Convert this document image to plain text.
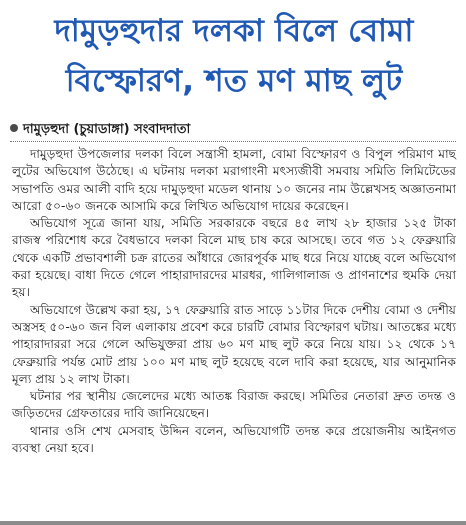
দামুড়হুদার দলকা বিলে বোমা
বিস্ফোরণ, শত মণ মাছ লুট
দামুড়হুদা (চুয়াডাঙ্গা) সংবাদদাতা

দামুড়হুদা উপজেলার দলকা বিলে সন্ত্রাসী হামলা, বোমা বিস্ফোরণ ও বিপুল পরিমাণ মাছ লুটের অভিযোগ উঠেছে। এ ঘটনায় দলকা মরাগাংনী মৎস্যজীবী সমবায় সমিতি লিমিটেডের সভাপতি ওমর আলী বাদি হয়ে দামুড়হুদা মডেল থানায় ১০ জনের নাম উল্লেখসহ অজ্ঞাতনামা আরো ৫০-৬০ জনকে আসামি করে লিখিত অভিযোগ দায়ের করেছেন।

অভিযোগ সূত্রে জানা যায়, সমিতি সরকারকে বছরে ৪৫ লাখ ২৮ হাজার ১২৫ টাকা রাজস্ব পরিশোধ করে বৈধভাবে দলকা বিলে মাছ চাষ করে আসছে। তবে গত ১২ ফেব্রুয়ারি থেকে একটি প্রভাবশালী চক্র রাতের আঁধারে জোরপূর্বক মাছ ধরে নিয়ে যাচ্ছে বলে অভিযোগ করা হয়েছে। বাধা দিতে গেলে পাহারাদারদের মারধর, গালিগালাজ ও প্রাণনাশের হুমকি দেয়া হয়।

অভিযোগে উল্লেখ করা হয়, ১৭ ফেব্রুয়ারি রাত সাড়ে ১১টার দিকে দেশীয় বোমা ও দেশীয় অস্ত্রসহ ৫০-৬০ জন বিল এলাকায় প্রবেশ করে চারটি বোমার বিস্ফোরণ ঘটায়। আতঙ্কের মধ্যে পাহারাদাররা সরে গেলে অভিযুক্তরা প্রায় ৬০ মণ মাছ লুট করে নিয়ে যায়। ১২ থেকে ১৭ ফেব্রুয়ারি পর্যন্ত মোট প্রায় ১০০ মণ মাছ লুট হয়েছে বলে দাবি করা হয়েছে, যার আনুমানিক মূল্য প্রায় ১২ লাখ টাকা।

ঘটনার পর স্থানীয় জেলেদের মধ্যে আতঙ্ক বিরাজ করছে। সমিতির নেতারা দ্রুত তদন্ত ও জড়িতদের গ্রেফতারের দাবি জানিয়েছেন।

থানার ওসি শেখ মেসবাহ উদ্দিন বলেন, অভিযোগটি তদন্ত করে প্রয়োজনীয় আইনগত ব্যবস্থা নেয়া হবে।
